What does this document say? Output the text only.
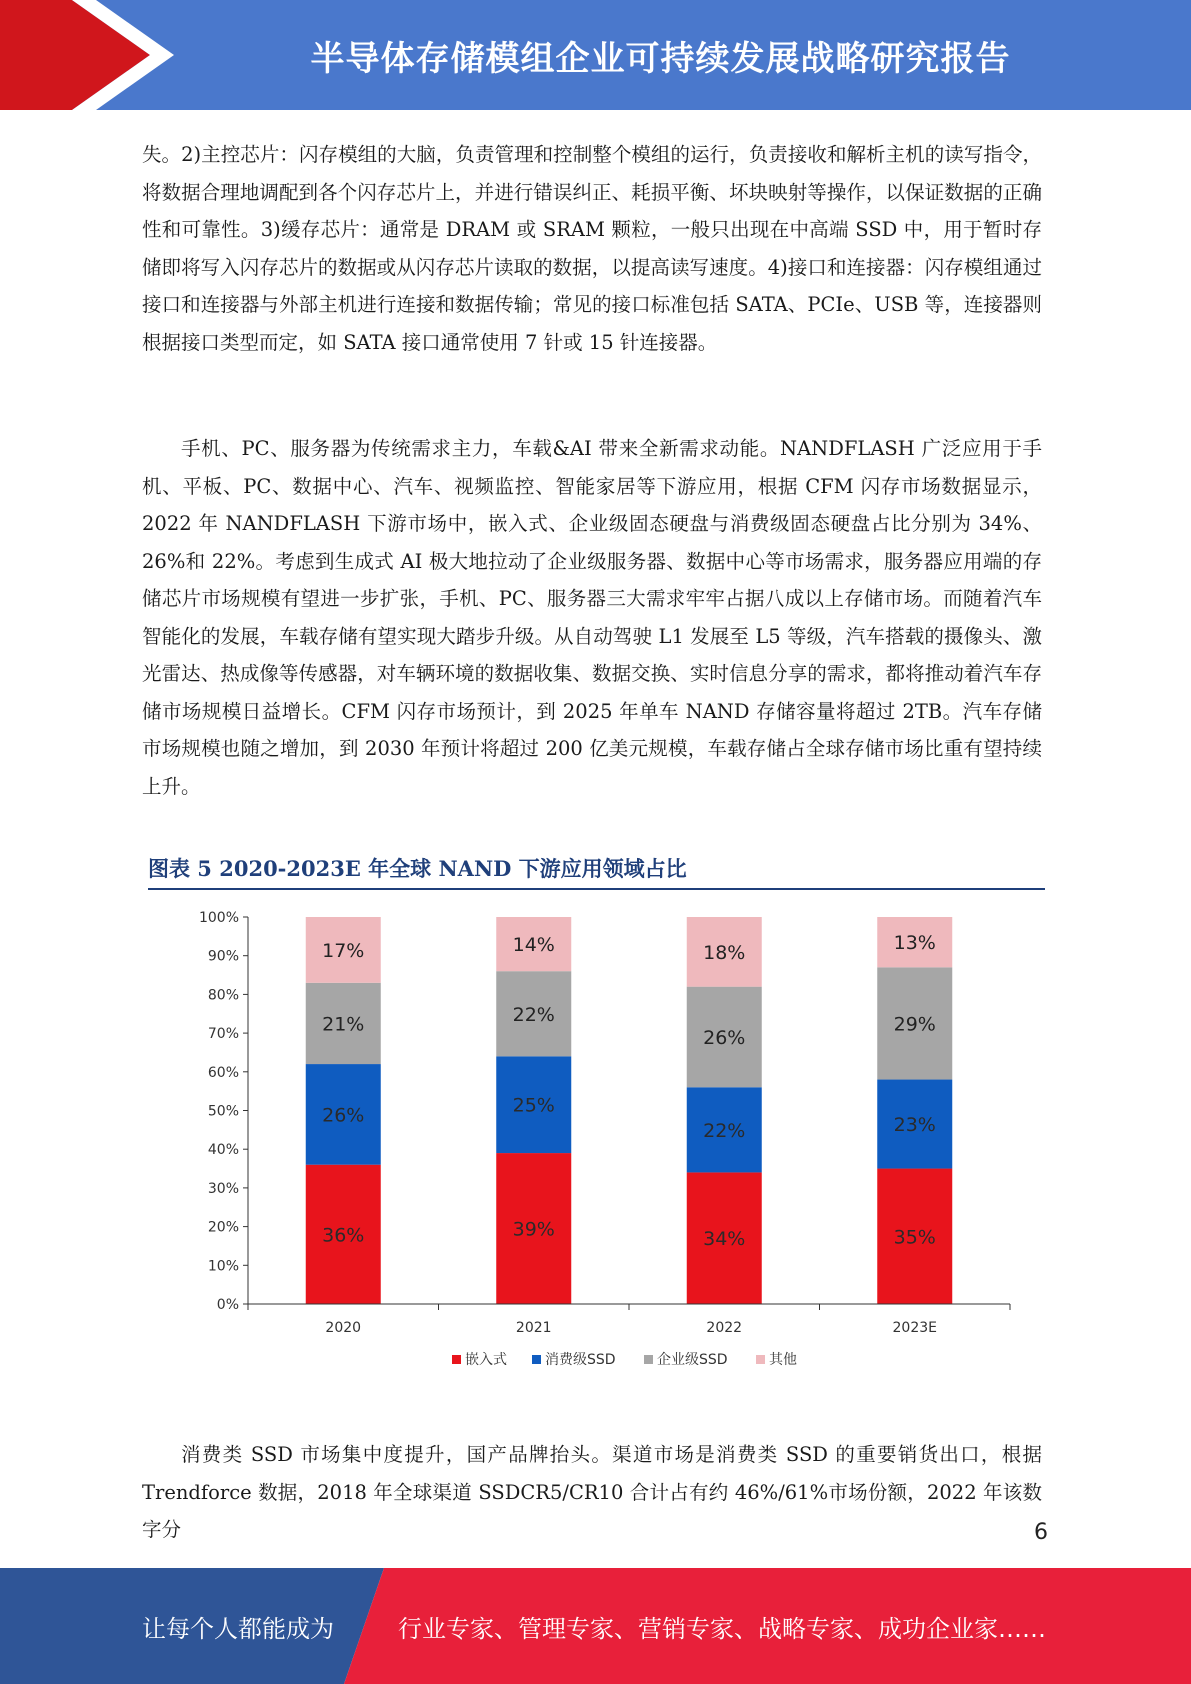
半导体存储模组企业可持续发展战略研究报告
失。2)主控芯片：闪存模组的大脑，负责管理和控制整个模组的运行，负责接收和解析主机的读写指令，将数据合理地调配到各个闪存芯片上，并进行错误纠正、耗损平衡、坏块映射等操作，以保证数据的正确性和可靠性。3)缓存芯片：通常是 DRAM 或 SRAM 颗粒，一般只出现在中高端 SSD 中，用于暂时存储即将写入闪存芯片的数据或从闪存芯片读取的数据，以提高读写速度。4)接口和连接器：闪存模组通过接口和连接器与外部主机进行连接和数据传输；常见的接口标准包括 SATA、PCIe、USB 等，连接器则根据接口类型而定，如 SATA 接口通常使用 7 针或 15 针连接器。
手机、PC、服务器为传统需求主力，车载&AI 带来全新需求动能。NANDFLASH 广泛应用于手机、平板、PC、数据中心、汽车、视频监控、智能家居等下游应用，根据 CFM 闪存市场数据显示，2022 年 NANDFLASH 下游市场中，嵌入式、企业级固态硬盘与消费级固态硬盘占比分别为 34%、26%和 22%。考虑到生成式 AI 极大地拉动了企业级服务器、数据中心等市场需求，服务器应用端的存储芯片市场规模有望进一步扩张，手机、PC、服务器三大需求牢牢占据八成以上存储市场。而随着汽车智能化的发展，车载存储有望实现大踏步升级。从自动驾驶 L1 发展至 L5 等级，汽车搭载的摄像头、激光雷达、热成像等传感器，对车辆环境的数据收集、数据交换、实时信息分享的需求，都将推动着汽车存储市场规模日益增长。CFM 闪存市场预计，到 2025 年单车 NAND 存储容量将超过 2TB。汽车存储市场规模也随之增加，到 2030 年预计将超过 200 亿美元规模，车载存储占全球存储市场比重有望持续上升。
图表 5 2020-2023E 年全球 NAND 下游应用领域占比
0%
10%
20%
30%
40%
50%
60%
70%
80%
90%
100%
36%
26%
21%
17%
39%
25%
22%
14%
34%
22%
26%
18%
35%
23%
29%
13%
2020	2021	2022	2023E
嵌入式	消费级SSD	企业级SSD	其他
消费类 SSD 市场集中度提升，国产品牌抬头。渠道市场是消费类 SSD 的重要销货出口，根据 Trendforce 数据，2018 年全球渠道 SSDCR5/CR10 合计占有约 46%/61%市场份额，2022 年该数字分	6
让每个人都能成为	行业专家、管理专家、营销专家、战略专家、成功企业家……
